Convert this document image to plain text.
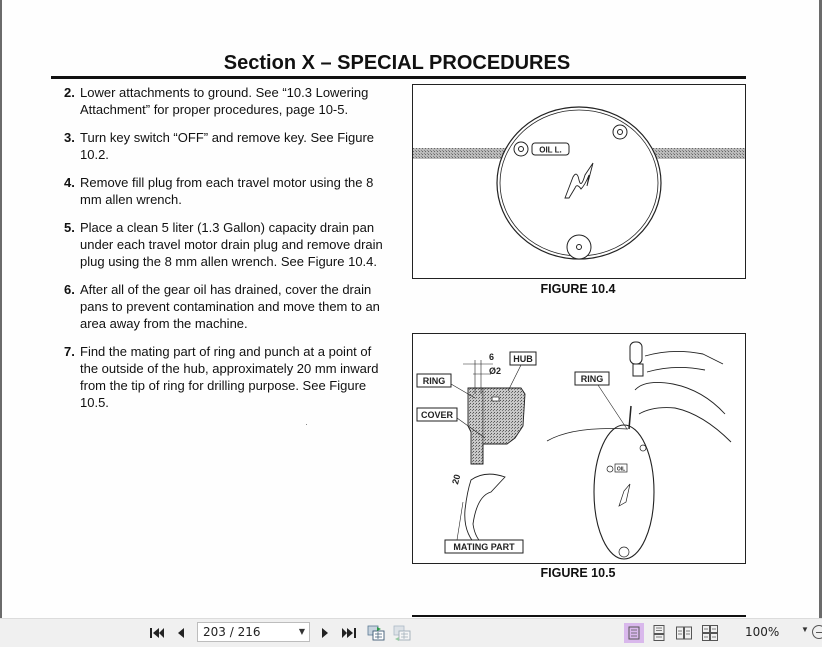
Section X – SPECIAL PROCEDURES
2. Lower attachments to ground. See “10.3 Lowering Attachment” for proper procedures, page 10-5.
3. Turn key switch “OFF” and remove key. See Figure 10.2.
4. Remove fill plug from each travel motor using the 8 mm allen wrench.
5. Place a clean 5 liter (1.3 Gallon) capacity drain pan under each travel motor drain plug and remove drain plug using the 8 mm allen wrench. See Figure 10.4.
6. After all of the gear oil has drained, cover the drain pans to prevent contamination and move them to an area away from the machine.
7. Find the mating part of ring and punch at a point of the outside of the hub, approximately 20 mm inward from the tip of ring for drilling purpose. See Figure 10.5.
OIL L.
FIGURE 10.4
6
Ø2
HUB
RING
COVER
20
MATING PART
OIL
RING
FIGURE 10.5
203 / 216	▼	100%	▼
